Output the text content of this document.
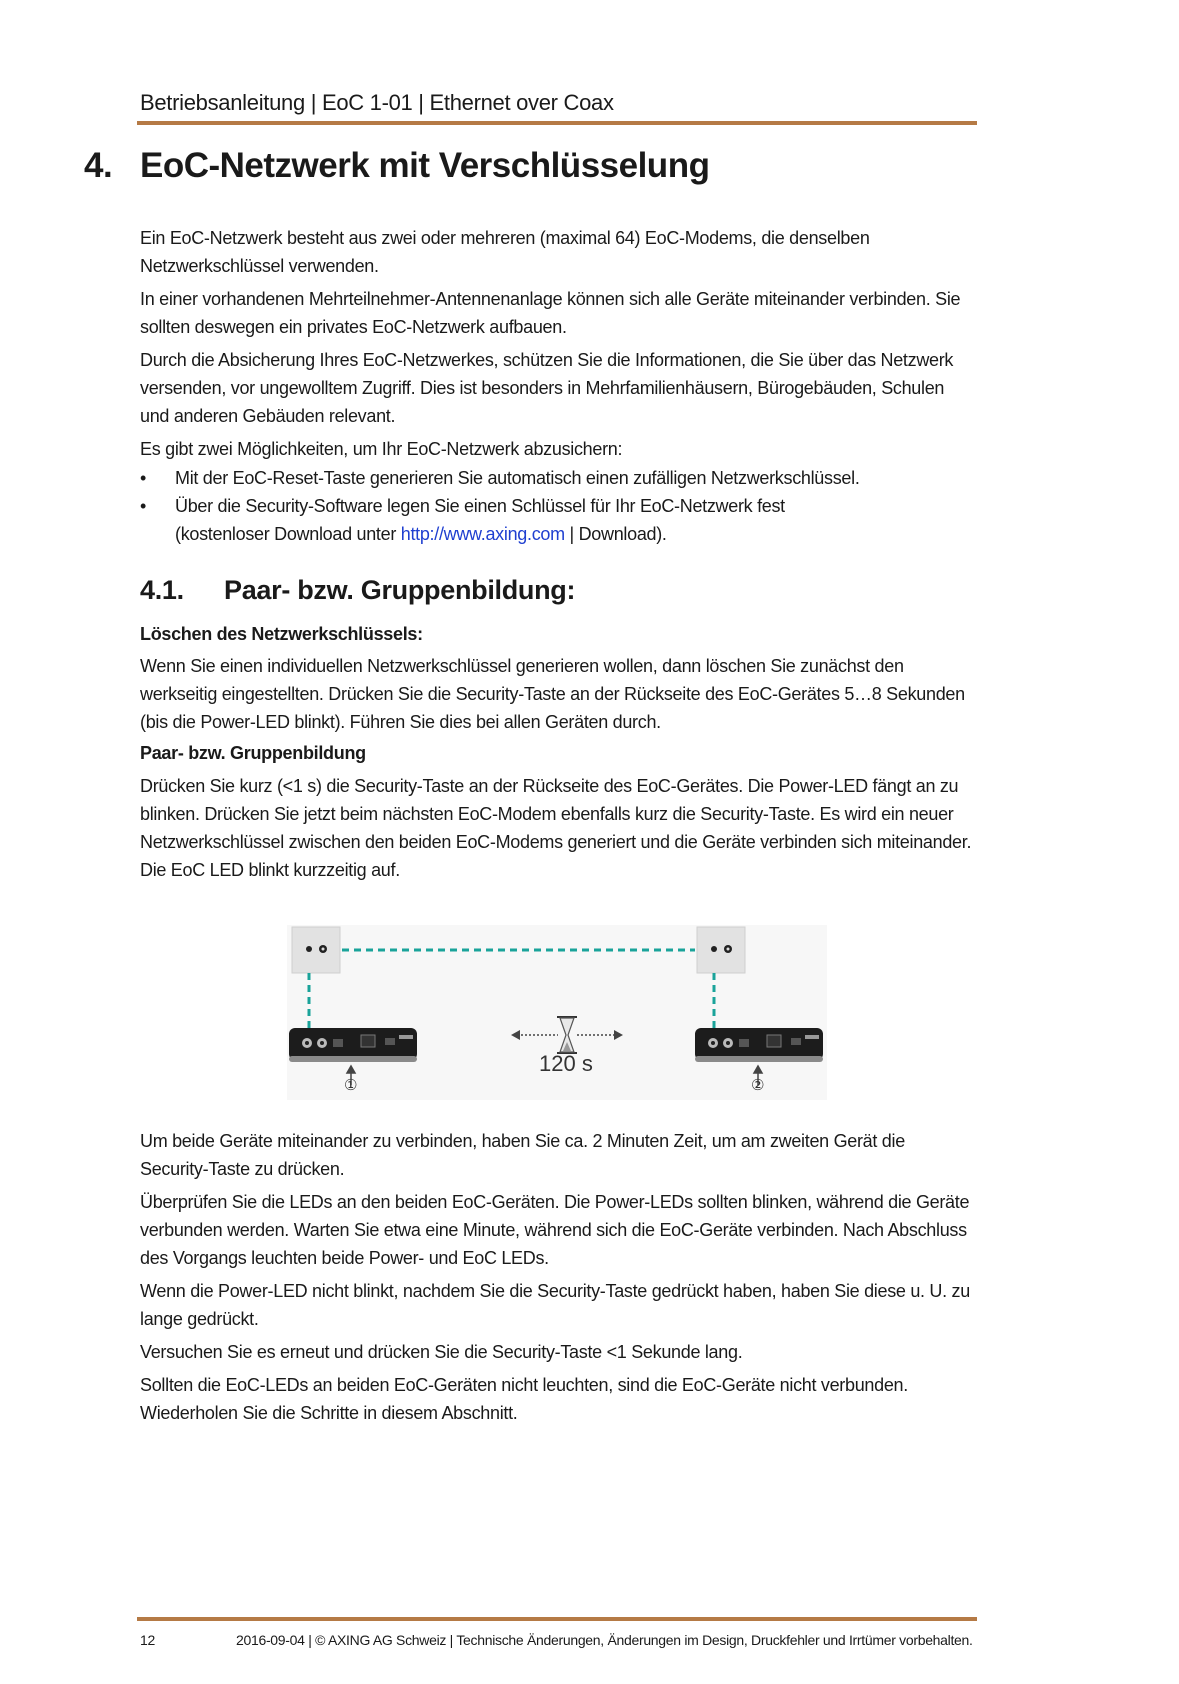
Betriebsanleitung | EoC 1-01 | Ethernet over Coax
4. EoC-Netzwerk mit Verschlüsselung
Ein EoC-Netzwerk besteht aus zwei oder mehreren (maximal 64) EoC-Modems, die denselben Netzwerkschlüssel verwenden.
In einer vorhandenen Mehrteilnehmer-Antennenanlage können sich alle Geräte miteinander verbinden. Sie sollten deswegen ein privates EoC-Netzwerk aufbauen.
Durch die Absicherung Ihres EoC-Netzwerkes, schützen Sie die Informationen, die Sie über das Netzwerk versenden, vor ungewolltem Zugriff. Dies ist besonders in Mehrfamilienhäusern, Bürogebäuden, Schulen und anderen Gebäuden relevant.
Es gibt zwei Möglichkeiten, um Ihr EoC-Netzwerk abzusichern:
• Mit der EoC-Reset-Taste generieren Sie automatisch einen zufälligen Netzwerkschlüssel.
• Über die Security-Software legen Sie einen Schlüssel für Ihr EoC-Netzwerk fest
(kostenloser Download unter http://www.axing.com | Download).
4.1. Paar- bzw. Gruppenbildung:
Löschen des Netzwerkschlüssels:
Wenn Sie einen individuellen Netzwerkschlüssel generieren wollen, dann löschen Sie zunächst den werkseitig eingestellten. Drücken Sie die Security-Taste an der Rückseite des EoC-Gerätes 5…8 Sekunden (bis die Power-LED blinkt). Führen Sie dies bei allen Geräten durch.
Paar- bzw. Gruppenbildung
Drücken Sie kurz (<1 s) die Security-Taste an der Rückseite des EoC-Gerätes. Die Power-LED fängt an zu blinken. Drücken Sie jetzt beim nächsten EoC-Modem ebenfalls kurz die Security-Taste. Es wird ein neuer Netzwerkschlüssel zwischen den beiden EoC-Modems generiert und die Geräte verbinden sich miteinander. Die EoC LED blinkt kurzzeitig auf.
120 s
①	②
Um beide Geräte miteinander zu verbinden, haben Sie ca. 2 Minuten Zeit, um am zweiten Gerät die Security-Taste zu drücken.
Überprüfen Sie die LEDs an den beiden EoC-Geräten. Die Power-LEDs sollten blinken, während die Geräte verbunden werden. Warten Sie etwa eine Minute, während sich die EoC-Geräte verbinden. Nach Abschluss des Vorgangs leuchten beide Power- und EoC LEDs.
Wenn die Power-LED nicht blinkt, nachdem Sie die Security-Taste gedrückt haben, haben Sie diese u. U. zu lange gedrückt.
Versuchen Sie es erneut und drücken Sie die Security-Taste <1 Sekunde lang.
Sollten die EoC-LEDs an beiden EoC-Geräten nicht leuchten, sind die EoC-Geräte nicht verbunden. Wiederholen Sie die Schritte in diesem Abschnitt.
12	2016-09-04 | © AXING AG Schweiz | Technische Änderungen, Änderungen im Design, Druckfehler und Irrtümer vorbehalten.
